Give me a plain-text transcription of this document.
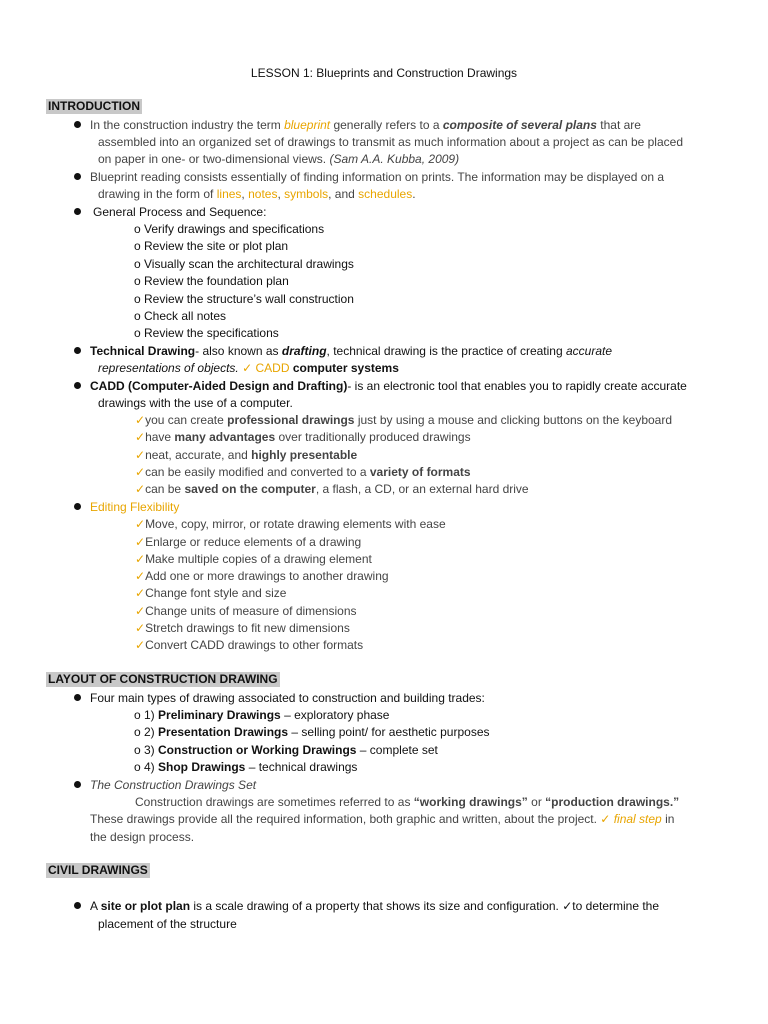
LESSON 1: Blueprints and Construction Drawings
INTRODUCTION
In the construction industry the term blueprint generally refers to a composite of several plans that are
assembled into an organized set of drawings to transmit as much information about a project as can be placed
on paper in one- or two-dimensional views. (Sam A.A. Kubba, 2009)
Blueprint reading consists essentially of finding information on prints. The information may be displayed on a
drawing in the form of lines, notes, symbols, and schedules.
General Process and Sequence:
o Verify drawings and specifications
o Review the site or plot plan
o Visually scan the architectural drawings
o Review the foundation plan
o Review the structure’s wall construction
o Check all notes
o Review the specifications
Technical Drawing- also known as drafting, technical drawing is the practice of creating accurate
representations of objects. ✓ CADD computer systems
CADD (Computer-Aided Design and Drafting)- is an electronic tool that enables you to rapidly create accurate
drawings with the use of a computer.
✓you can create professional drawings just by using a mouse and clicking buttons on the keyboard
✓have many advantages over traditionally produced drawings
✓neat, accurate, and highly presentable
✓can be easily modified and converted to a variety of formats
✓can be saved on the computer, a flash, a CD, or an external hard drive
Editing Flexibility
✓Move, copy, mirror, or rotate drawing elements with ease
✓Enlarge or reduce elements of a drawing
✓Make multiple copies of a drawing element
✓Add one or more drawings to another drawing
✓Change font style and size
✓Change units of measure of dimensions
✓Stretch drawings to fit new dimensions
✓Convert CADD drawings to other formats
LAYOUT OF CONSTRUCTION DRAWING
Four main types of drawing associated to construction and building trades:
o 1) Preliminary Drawings – exploratory phase
o 2) Presentation Drawings – selling point/ for aesthetic purposes
o 3) Construction or Working Drawings – complete set
o 4) Shop Drawings – technical drawings
The Construction Drawings Set
Construction drawings are sometimes referred to as “working drawings” or “production drawings.”
These drawings provide all the required information, both graphic and written, about the project. ✓ final step in
the design process.
CIVIL DRAWINGS
A site or plot plan is a scale drawing of a property that shows its size and configuration. ✓to determine the
placement of the structure
